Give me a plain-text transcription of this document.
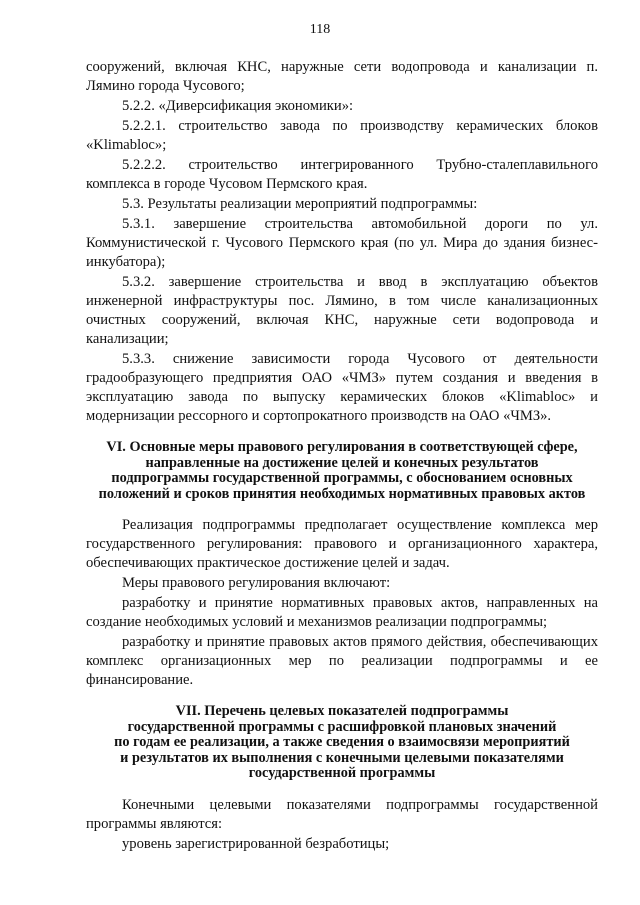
118

сооружений, включая КНС, наружные сети водопровода и канализации п. Лямино города Чусового;

5.2.2. «Диверсификация экономики»:

5.2.2.1. строительство завода по производству керамических блоков «Klimabloc»;

5.2.2.2. строительство интегрированного Трубно-сталеплавильного комплекса в городе Чусовом Пермского края.

5.3. Результаты реализации мероприятий подпрограммы:

5.3.1. завершение строительства автомобильной дороги по ул. Коммунистической г. Чусового Пермского края (по ул. Мира до здания бизнес-инкубатора);

5.3.2. завершение строительства и ввод в эксплуатацию объектов инженерной инфраструктуры пос. Лямино, в том числе канализационных очистных сооружений, включая КНС, наружные сети водопровода и канализации;

5.3.3. снижение зависимости города Чусового от деятельности градообразующего предприятия ОАО «ЧМЗ» путем создания и введения в эксплуатацию завода по выпуску керамических блоков «Klimabloc» и модернизации рессорного и сортопрокатного производств на ОАО «ЧМЗ».

VI. Основные меры правового регулирования в соответствующей сфере,
направленные на достижение целей и конечных результатов
подпрограммы государственной программы, с обоснованием основных
положений и сроков принятия необходимых нормативных правовых актов

Реализация подпрограммы предполагает осуществление комплекса мер государственного регулирования: правового и организационного характера, обеспечивающих практическое достижение целей и задач.

Меры правового регулирования включают:

разработку и принятие нормативных правовых актов, направленных на создание необходимых условий и механизмов реализации подпрограммы;

разработку и принятие правовых актов прямого действия, обеспечивающих комплекс организационных мер по реализации подпрограммы и ее финансирование.

VII. Перечень целевых показателей подпрограммы
государственной программы с расшифровкой плановых значений
по годам ее реализации, а также сведения о взаимосвязи мероприятий
и результатов их выполнения с конечными целевыми показателями
государственной программы

Конечными целевыми показателями подпрограммы государственной программы являются:

уровень зарегистрированной безработицы;
